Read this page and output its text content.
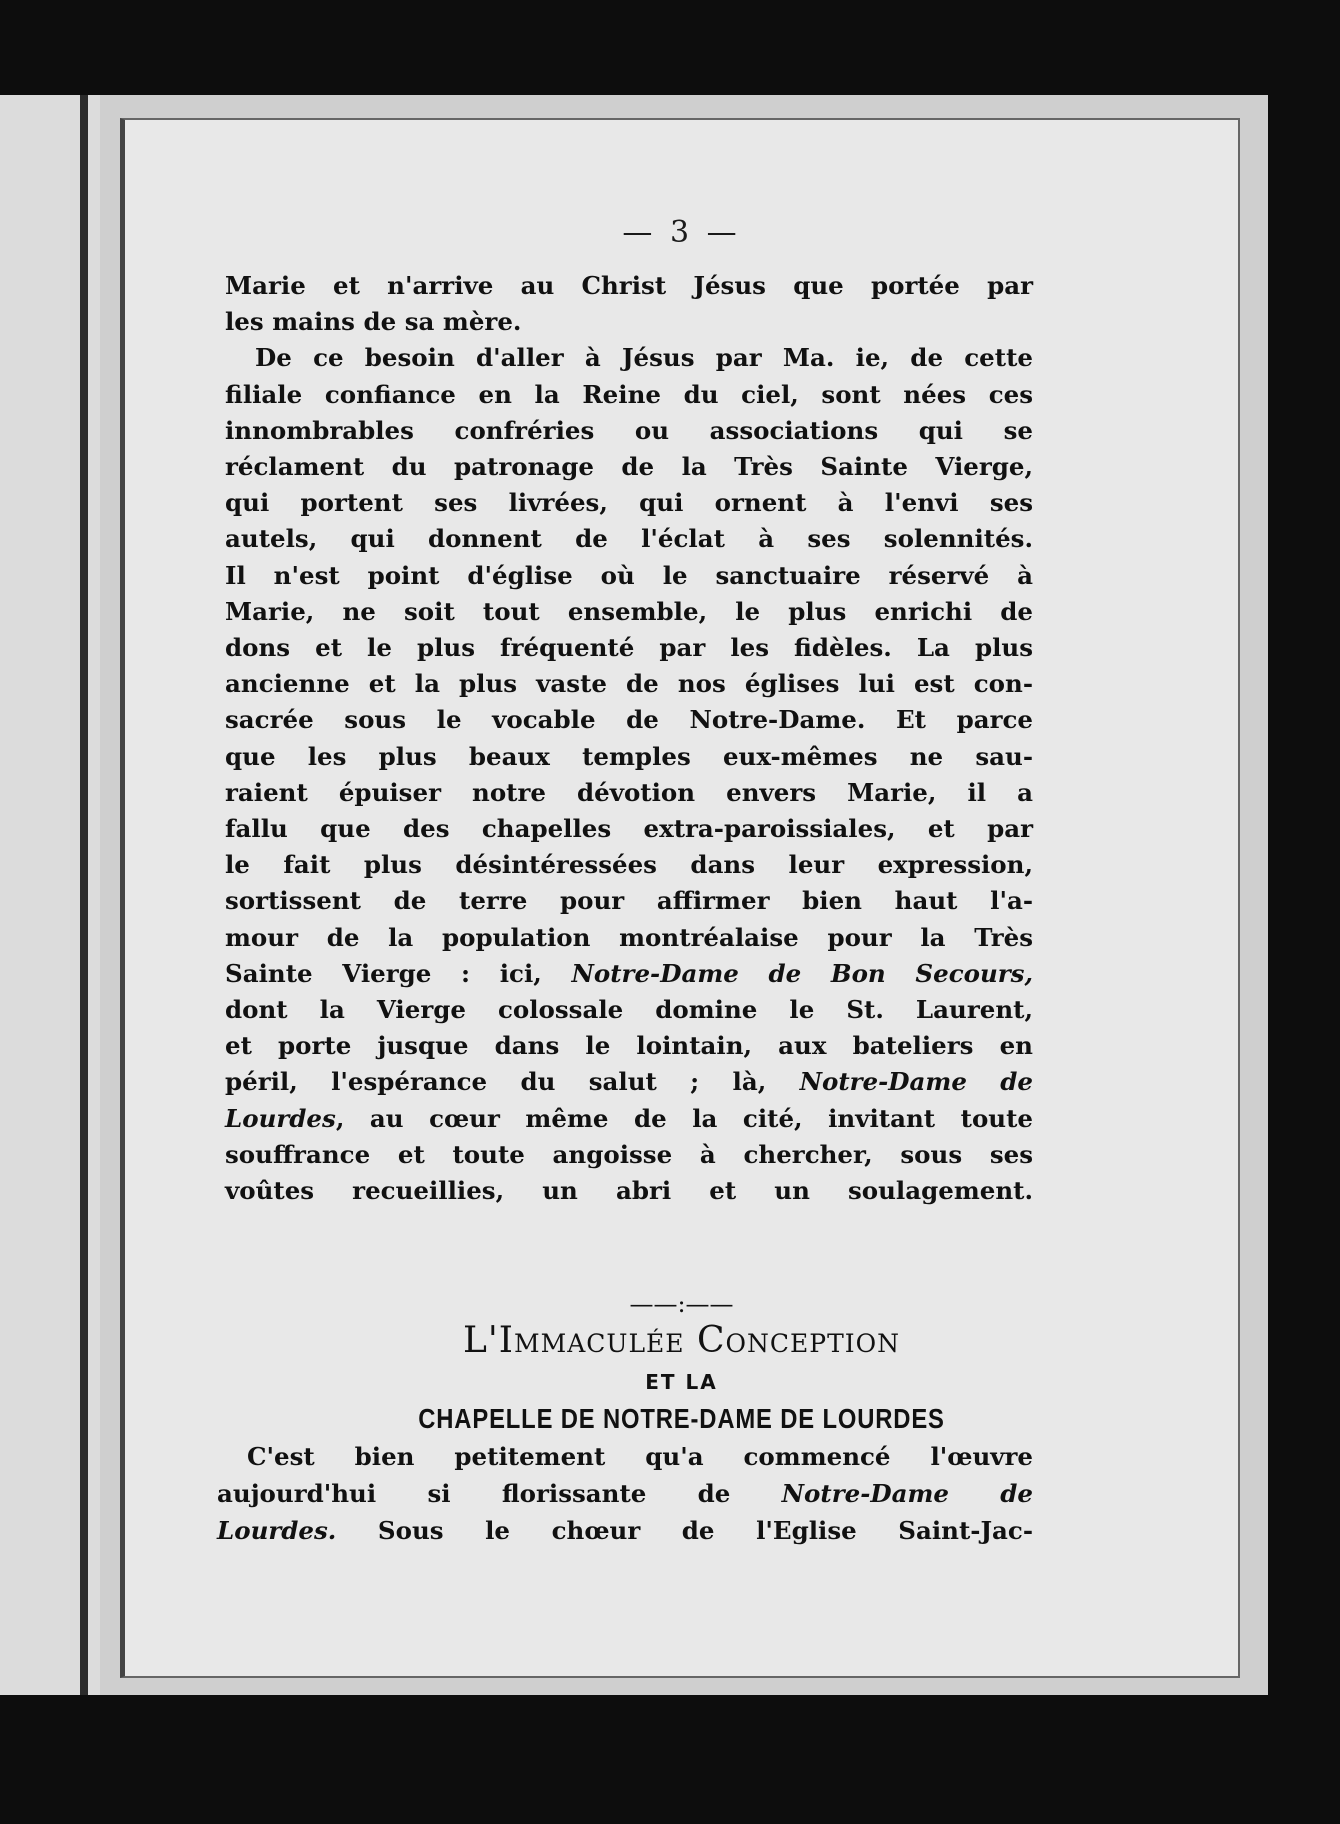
— 3 —
Marie et n'arrive au Christ Jésus que portée par
les mains de sa mère.
De ce besoin d'aller à Jésus par Ma. ie, de cette
filiale confiance en la Reine du ciel, sont nées ces
innombrables confréries ou associations qui se
réclament du patronage de la Très Sainte Vierge,
qui portent ses livrées, qui ornent à l'envi ses
autels, qui donnent de l'éclat à ses solennités.
Il n'est point d'église où le sanctuaire réservé à
Marie, ne soit tout ensemble, le plus enrichi de
dons et le plus fréquenté par les fidèles. La plus
ancienne et la plus vaste de nos églises lui est con-
sacrée sous le vocable de Notre-Dame. Et parce
que les plus beaux temples eux-mêmes ne sau-
raient épuiser notre dévotion envers Marie, il a
fallu que des chapelles extra-paroissiales, et par
le fait plus désintéressées dans leur expression,
sortissent de terre pour affirmer bien haut l'a-
mour de la population montréalaise pour la Très
Sainte Vierge : ici, Notre-Dame de Bon Secours,
dont la Vierge colossale domine le St. Laurent,
et porte jusque dans le lointain, aux bateliers en
péril, l'espérance du salut ; là, Notre-Dame de
Lourdes, au cœur même de la cité, invitant toute
souffrance et toute angoisse à chercher, sous ses
voûtes recueillies, un abri et un soulagement.
——:——
L'Immaculée Conception
ET LA
CHAPELLE DE NOTRE-DAME DE LOURDES
C'est bien petitement qu'a commencé l'œuvre
aujourd'hui si florissante de Notre-Dame de
Lourdes. Sous le chœur de l'Eglise Saint-Jac-
